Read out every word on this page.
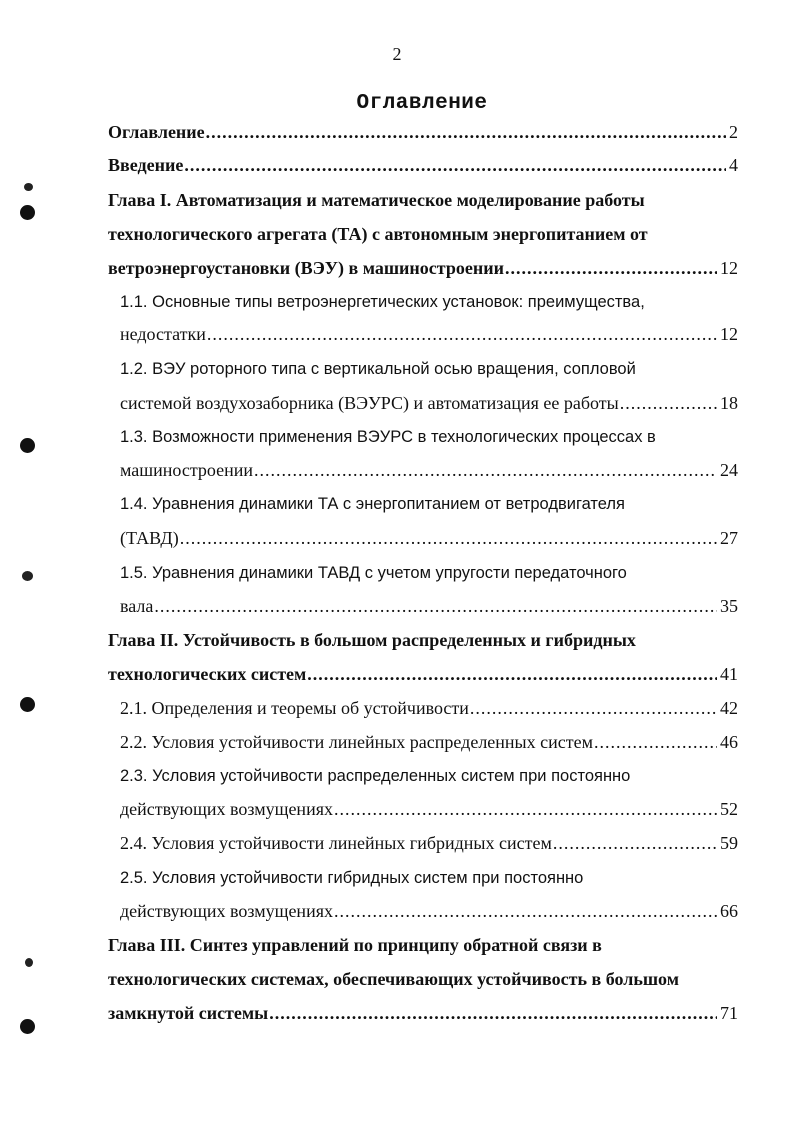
2
Оглавление
Оглавление .....	2
Введение .....	4
Глава I. Автоматизация и математическое моделирование работы
технологического агрегата (ТА) с автономным энергопитанием от
ветроэнергоустановки (ВЭУ) в машиностроении .....	12
1.1. Основные типы ветроэнергетических установок: преимущества,
недостатки .....	12
1.2. ВЭУ роторного типа с вертикальной осью вращения, сопловой
системой воздухозаборника (ВЭУРС) и автоматизация ее работы .....	18
1.3. Возможности применения ВЭУРС в технологических процессах в
машиностроении .....	24
1.4. Уравнения динамики ТА с энергопитанием от ветродвигателя
(ТАВД) .....	27
1.5. Уравнения динамики ТАВД с учетом упругости передаточного
вала .....	35
Глава II. Устойчивость в большом распределенных и гибридных
технологических систем .....	41
2.1. Определения и теоремы об устойчивости .....	42
2.2. Условия устойчивости линейных распределенных систем .....	46
2.3. Условия устойчивости распределенных систем при постоянно
действующих возмущениях .....	52
2.4. Условия устойчивости линейных гибридных систем .....	59
2.5. Условия устойчивости гибридных систем при постоянно
действующих возмущениях .....	66
Глава III. Синтез управлений по принципу обратной связи в
технологических системах, обеспечивающих устойчивость в большом
замкнутой системы .....	71
